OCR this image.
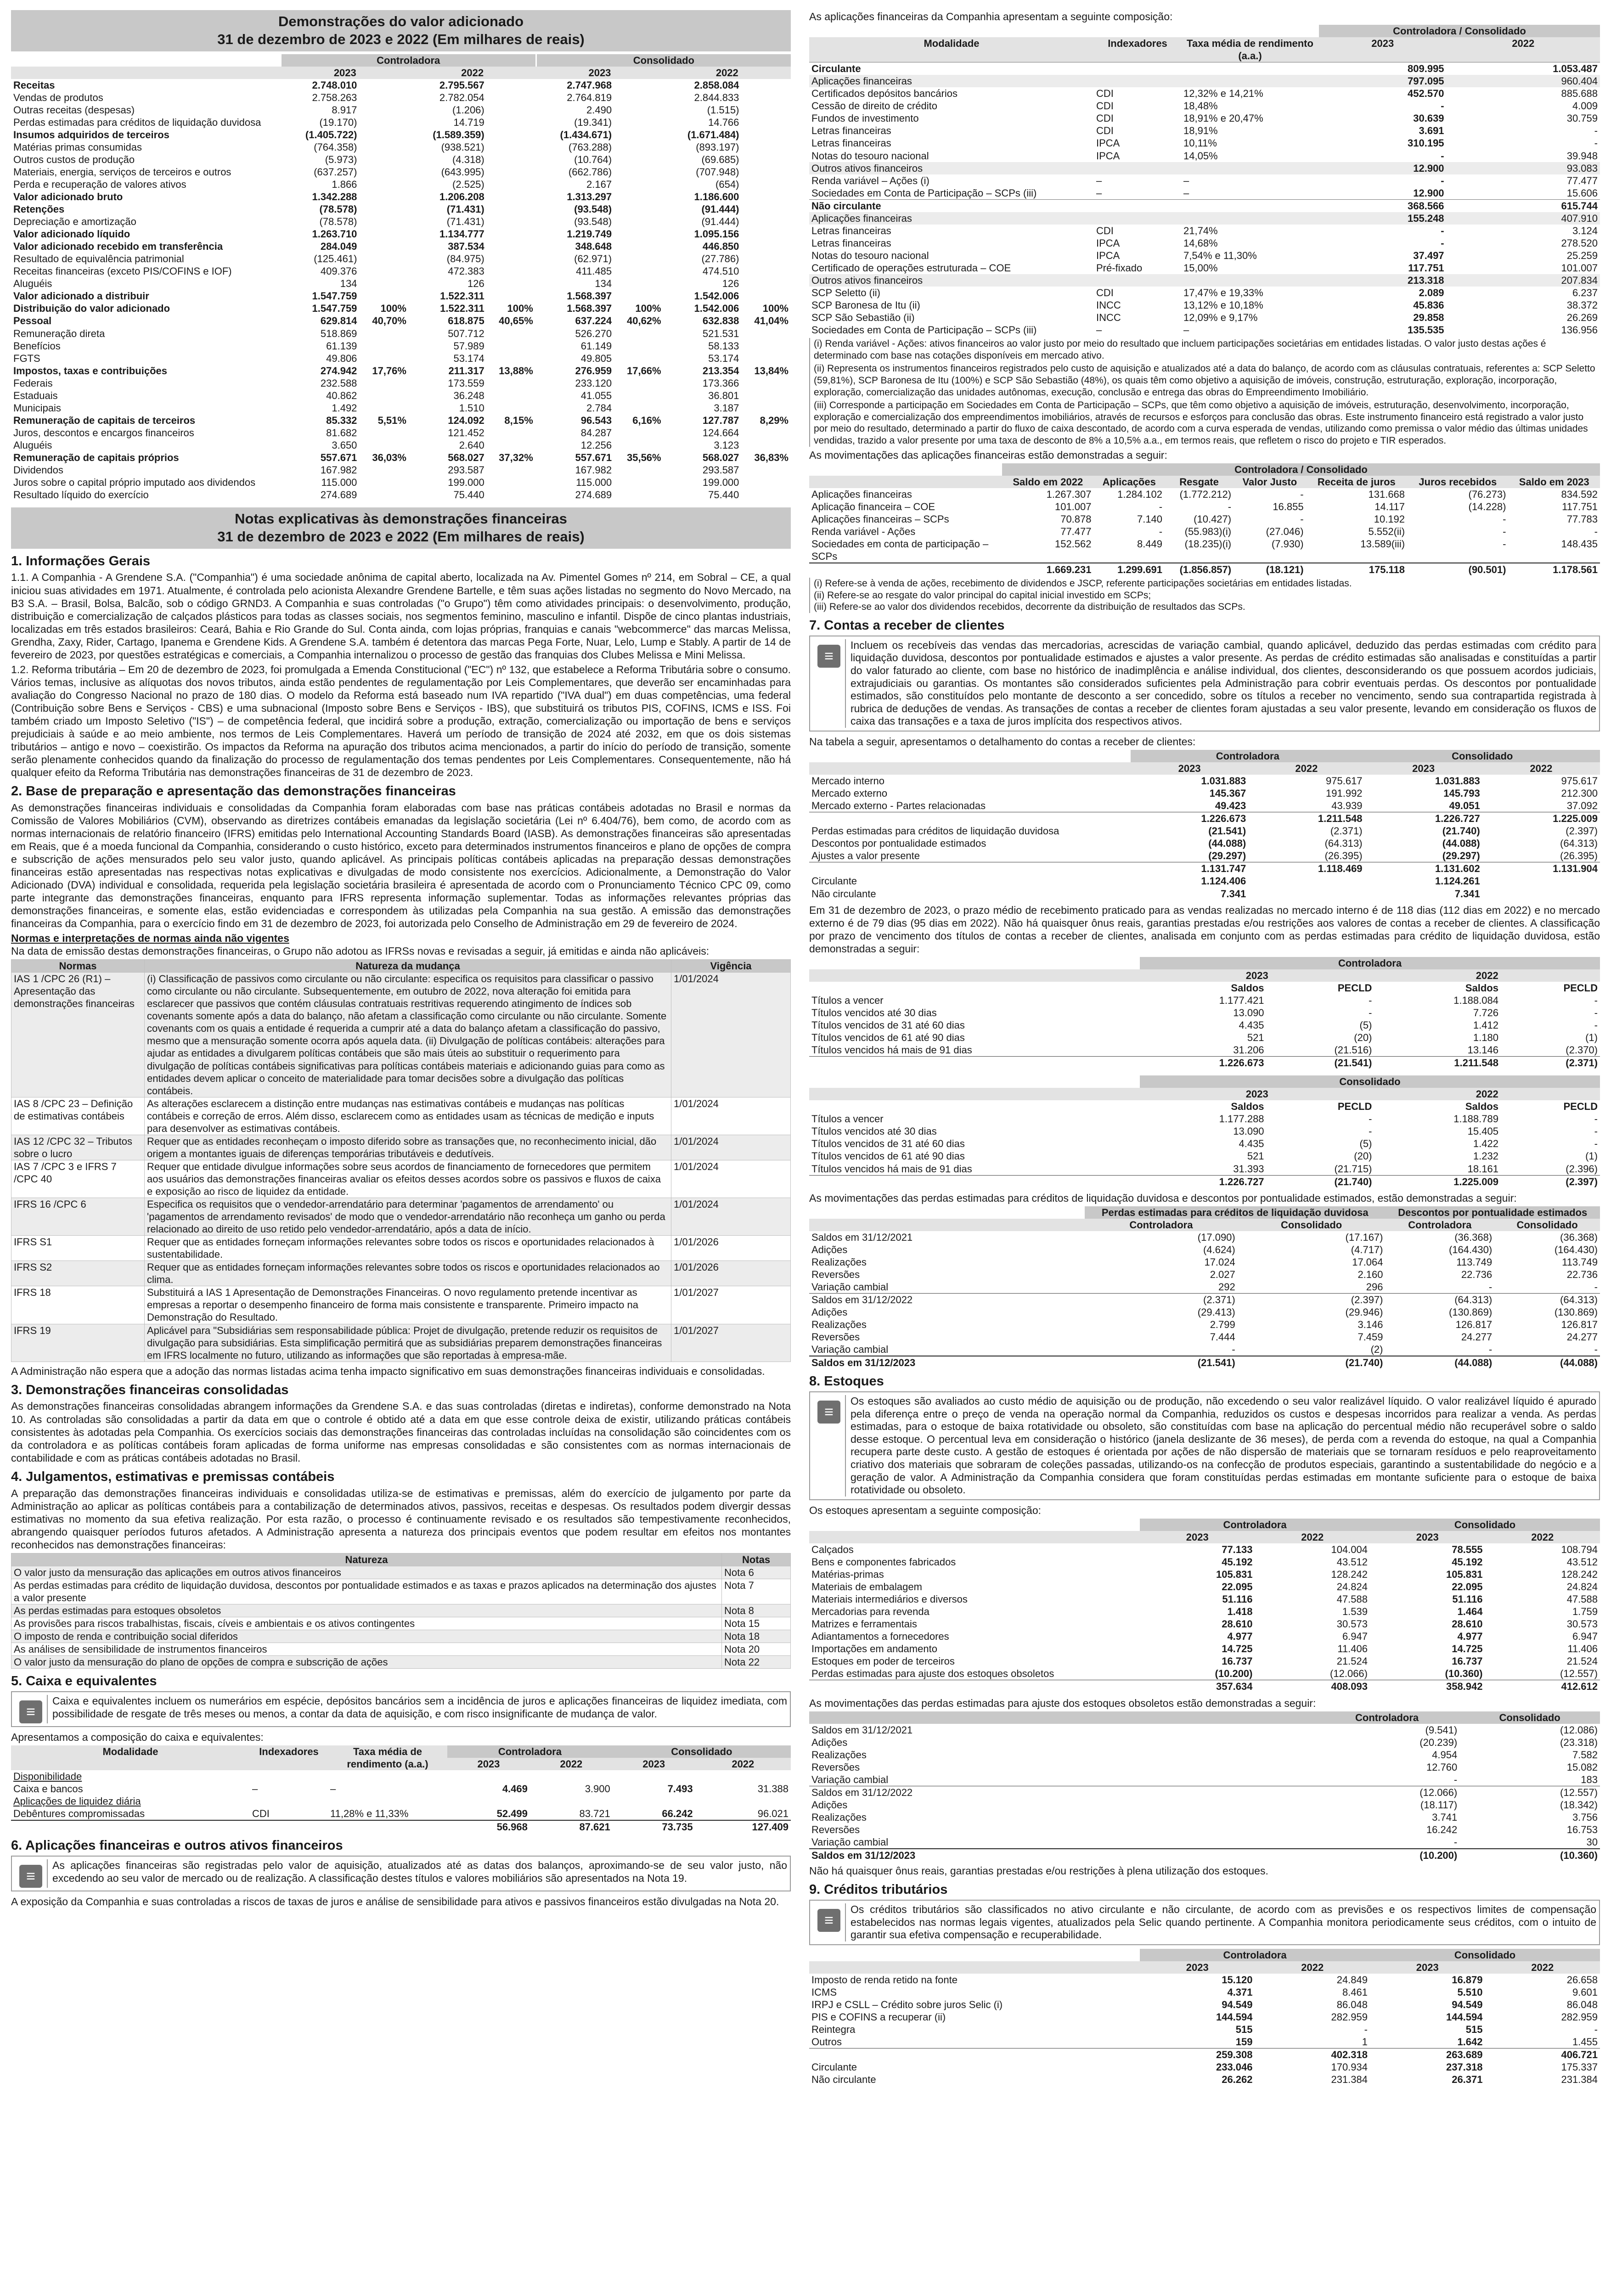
Demonstrações do valor adicionado
31 de dezembro de 2023 e 2022 (Em milhares de reais)
	Controladora				Consolidado			
	2023		2022		2023		2022	
Receitas	2.748.010		2.795.567		2.747.968		2.858.084	
Vendas de produtos	2.758.263		2.782.054		2.764.819		2.844.833	
Outras receitas (despesas)	8.917		(1.206)		2.490		(1.515)	
Perdas estimadas para créditos de liquidação duvidosa	(19.170)		14.719		(19.341)		14.766	

Insumos adquiridos de terceiros	(1.405.722)		(1.589.359)		(1.434.671)		(1.671.484)	
Matérias primas consumidas	(764.358)		(938.521)		(763.288)		(893.197)	
Outros custos de produção	(5.973)		(4.318)		(10.764)		(69.685)	
Materiais, energia, serviços de terceiros e outros	(637.257)		(643.995)		(662.786)		(707.948)	
Perda e recuperação de valores ativos	1.866		(2.525)		2.167		(654)	
Valor adicionado bruto	1.342.288		1.206.208		1.313.297		1.186.600	
Retenções	(78.578)		(71.431)		(93.548)		(91.444)	
Depreciação e amortização	(78.578)		(71.431)		(93.548)		(91.444)	
Valor adicionado líquido	1.263.710		1.134.777		1.219.749		1.095.156	
Valor adicionado recebido em transferência	284.049		387.534		348.648		446.850	
Resultado de equivalência patrimonial	(125.461)		(84.975)		(62.971)		(27.786)	
Receitas financeiras (exceto PIS/COFINS e IOF)	409.376		472.383		411.485		474.510	
Aluguéis	134		126		134		126	
Valor adicionado a distribuir	1.547.759		1.522.311		1.568.397		1.542.006	
Distribuição do valor adicionado	1.547.759	100%	1.522.311	100%	1.568.397	100%	1.542.006	100%
Pessoal	629.814	40,70%	618.875	40,65%	637.224	40,62%	632.838	41,04%
Remuneração direta	518.869		507.712		526.270		521.531	
Benefícios	61.139		57.989		61.149		58.133	
FGTS	49.806		53.174		49.805		53.174	
Impostos, taxas e contribuições	274.942	17,76%	211.317	13,88%	276.959	17,66%	213.354	13,84%
Federais	232.588		173.559		233.120		173.366	
Estaduais	40.862		36.248		41.055		36.801	
Municipais	1.492		1.510		2.784		3.187	
Remuneração de capitais de terceiros	85.332	5,51%	124.092	8,15%	96.543	6,16%	127.787	8,29%
Juros, descontos e encargos financeiros	81.682		121.452		84.287		124.664	
Aluguéis	3.650		2.640		12.256		3.123	
Remuneração de capitais próprios	557.671	36,03%	568.027	37,32%	557.671	35,56%	568.027	36,83%
Dividendos	167.982		293.587		167.982		293.587	
Juros sobre o capital próprio imputado aos dividendos	115.000		199.000		115.000		199.000	
Resultado líquido do exercício	274.689		75.440		274.689		75.440	
Notas explicativas às demonstrações financeiras
31 de dezembro de 2023 e 2022 (Em milhares de reais)
1. Informações Gerais

1.1. A Companhia - A Grendene S.A. ("Companhia") é uma sociedade anônima de capital aberto, localizada na Av. Pimentel Gomes nº 214, em Sobral – CE, a qual iniciou suas atividades em 1971. Atualmente, é controlada pelo acionista Alexandre Grendene Bartelle, e têm suas ações listadas no segmento do Novo Mercado, na B3 S.A. – Brasil, Bolsa, Balcão, sob o código GRND3. A Companhia e suas controladas ("o Grupo") têm como atividades principais: o desenvolvimento, produção, distribuição e comercialização de calçados plásticos para todas as classes sociais, nos segmentos feminino, masculino e infantil. Dispõe de cinco plantas industriais, localizadas em três estados brasileiros: Ceará, Bahia e Rio Grande do Sul. Conta ainda, com lojas próprias, franquias e canais "webcommerce" das marcas Melissa, Grendha, Zaxy, Rider, Cartago, Ipanema e Grendene Kids. A Grendene S.A. também é detentora das marcas Pega Forte, Nuar, Lelo, Lump e Stably. A partir de 14 de fevereiro de 2023, por questões estratégicas e comerciais, a Companhia internalizou o processo de gestão das franquias dos Clubes Melissa e Mini Melissa.

1.2. Reforma tributária – Em 20 de dezembro de 2023, foi promulgada a Emenda Constitucional ("EC") nº 132, que estabelece a Reforma Tributária sobre o consumo. Vários temas, inclusive as alíquotas dos novos tributos, ainda estão pendentes de regulamentação por Leis Complementares, que deverão ser encaminhadas para avaliação do Congresso Nacional no prazo de 180 dias. O modelo da Reforma está baseado num IVA repartido ("IVA dual") em duas competências, uma federal (Contribuição sobre Bens e Serviços - CBS) e uma subnacional (Imposto sobre Bens e Serviços - IBS), que substituirá os tributos PIS, COFINS, ICMS e ISS. Foi também criado um Imposto Seletivo ("IS") – de competência federal, que incidirá sobre a produção, extração, comercialização ou importação de bens e serviços prejudiciais à saúde e ao meio ambiente, nos termos de Leis Complementares. Haverá um período de transição de 2024 até 2032, em que os dois sistemas tributários – antigo e novo – coexistirão. Os impactos da Reforma na apuração dos tributos acima mencionados, a partir do início do período de transição, somente serão plenamente conhecidos quando da finalização do processo de regulamentação dos temas pendentes por Leis Complementares. Consequentemente, não há qualquer efeito da Reforma Tributária nas demonstrações financeiras de 31 de dezembro de 2023.

2. Base de preparação e apresentação das demonstrações financeiras

As demonstrações financeiras individuais e consolidadas da Companhia foram elaboradas com base nas práticas contábeis adotadas no Brasil e normas da Comissão de Valores Mobiliários (CVM), observando as diretrizes contábeis emanadas da legislação societária (Lei nº 6.404/76), bem como, de acordo com as normas internacionais de relatório financeiro (IFRS) emitidas pelo International Accounting Standards Board (IASB). As demonstrações financeiras são apresentadas em Reais, que é a moeda funcional da Companhia, considerando o custo histórico, exceto para determinados instrumentos financeiros e plano de opções de compra e subscrição de ações mensurados pelo seu valor justo, quando aplicável. As principais políticas contábeis aplicadas na preparação dessas demonstrações financeiras estão apresentadas nas respectivas notas explicativas e divulgadas de modo consistente nos exercícios. Adicionalmente, a Demonstração do Valor Adicionado (DVA) individual e consolidada, requerida pela legislação societária brasileira é apresentada de acordo com o Pronunciamento Técnico CPC 09, como parte integrante das demonstrações financeiras, enquanto para IFRS representa informação suplementar. Todas as informações relevantes próprias das demonstrações financeiras, e somente elas, estão evidenciadas e correspondem às utilizadas pela Companhia na sua gestão. A emissão das demonstrações financeiras da Companhia, para o exercício findo em 31 de dezembro de 2023, foi autorizada pelo Conselho de Administração em 29 de fevereiro de 2024.

Normas e interpretações de normas ainda não vigentes

Na data de emissão destas demonstrações financeiras, o Grupo não adotou as IFRSs novas e revisadas a seguir, já emitidas e ainda não aplicáveis:

Normas	Natureza da mudança	Vigência
IAS 1 /CPC 26 (R1) – Apresentação das demonstrações financeiras	(i) Classificação de passivos como circulante ou não circulante: especifica os requisitos para classificar o passivo como circulante ou não circulante. Subsequentemente, em outubro de 2022, nova alteração foi emitida para esclarecer que passivos que contém cláusulas contratuais restritivas requerendo atingimento de índices sob covenants somente após a data do balanço, não afetam a classificação como circulante ou não circulante. Somente covenants com os quais a entidade é requerida a cumprir até a data do balanço afetam a classificação do passivo, mesmo que a mensuração somente ocorra após aquela data. (ii) Divulgação de políticas contábeis: alterações para ajudar as entidades a divulgarem políticas contábeis que são mais úteis ao substituir o requerimento para divulgação de políticas contábeis significativas para políticas contábeis materiais e adicionando guias para como as entidades devem aplicar o conceito de materialidade para tomar decisões sobre a divulgação das políticas contábeis.	1/01/2024
IAS 8 /CPC 23 – Definição de estimativas contábeis	As alterações esclarecem a distinção entre mudanças nas estimativas contábeis e mudanças nas políticas contábeis e correção de erros. Além disso, esclarecem como as entidades usam as técnicas de medição e inputs para desenvolver as estimativas contábeis.	1/01/2024
IAS 12 /CPC 32 – Tributos sobre o lucro	Requer que as entidades reconheçam o imposto diferido sobre as transações que, no reconhecimento inicial, dão origem a montantes iguais de diferenças temporárias tributáveis e dedutíveis.	1/01/2024
IAS 7 /CPC 3 e IFRS 7 /CPC 40	Requer que entidade divulgue informações sobre seus acordos de financiamento de fornecedores que permitem aos usuários das demonstrações financeiras avaliar os efeitos desses acordos sobre os passivos e fluxos de caixa e exposição ao risco de liquidez da entidade.	1/01/2024
IFRS 16 /CPC 6	Especifica os requisitos que o vendedor-arrendatário para determinar 'pagamentos de arrendamento' ou 'pagamentos de arrendamento revisados' de modo que o vendedor-arrendatário não reconheça um ganho ou perda relacionado ao direito de uso retido pelo vendedor-arrendatário, após a data de início.	1/01/2024
IFRS S1	Requer que as entidades forneçam informações relevantes sobre todos os riscos e oportunidades relacionados à sustentabilidade.	1/01/2026
IFRS S2	Requer que as entidades forneçam informações relevantes sobre todos os riscos e oportunidades relacionados ao clima.	1/01/2026
IFRS 18	Substituirá a IAS 1 Apresentação de Demonstrações Financeiras. O novo regulamento pretende incentivar as empresas a reportar o desempenho financeiro de forma mais consistente e transparente. Primeiro impacto na Demonstração do Resultado.	1/01/2027
IFRS 19	Aplicável para "Subsidiárias sem responsabilidade pública: Projet de divulgação, pretende reduzir os requisitos de divulgação para subsidiárias. Esta simplificação permitirá que as subsidiárias preparem demonstrações financeiras em IFRS localmente no futuro, utilizando as informações que são reportadas à empresa-mãe.	1/01/2027

A Administração não espera que a adoção das normas listadas acima tenha impacto significativo em suas demonstrações financeiras individuais e consolidadas.

3. Demonstrações financeiras consolidadas

As demonstrações financeiras consolidadas abrangem informações da Grendene S.A. e das suas controladas (diretas e indiretas), conforme demonstrado na Nota 10. As controladas são consolidadas a partir da data em que o controle é obtido até a data em que esse controle deixa de existir, utilizando práticas contábeis consistentes às adotadas pela Companhia. Os exercícios sociais das demonstrações financeiras das controladas incluídas na consolidação são coincidentes com os da controladora e as políticas contábeis foram aplicadas de forma uniforme nas empresas consolidadas e são consistentes com as normas internacionais de contabilidade e com as práticas contábeis adotadas no Brasil.

4. Julgamentos, estimativas e premissas contábeis

A preparação das demonstrações financeiras individuais e consolidadas utiliza-se de estimativas e premissas, além do exercício de julgamento por parte da Administração ao aplicar as políticas contábeis para a contabilização de determinados ativos, passivos, receitas e despesas. Os resultados podem divergir dessas estimativas no momento da sua efetiva realização. Por esta razão, o processo é continuamente revisado e os resultados são tempestivamente reconhecidos, abrangendo quaisquer períodos futuros afetados. A Administração apresenta a natureza dos principais eventos que podem resultar em efeitos nos montantes reconhecidos nas demonstrações financeiras:

Natureza	Notas
O valor justo da mensuração das aplicações em outros ativos financeiros	Nota 6
As perdas estimadas para crédito de liquidação duvidosa, descontos por pontualidade estimados e as taxas e prazos aplicados na determinação dos ajustes a valor presente	Nota 7
As perdas estimadas para estoques obsoletos	Nota 8
As provisões para riscos trabalhistas, fiscais, cíveis e ambientais e os ativos contingentes	Nota 15
O imposto de renda e contribuição social diferidos	Nota 18
As análises de sensibilidade de instrumentos financeiros	Nota 20
O valor justo da mensuração do plano de opções de compra e subscrição de ações	Nota 22
5. Caixa e equivalentes
≡
Caixa e equivalentes incluem os numerários em espécie, depósitos bancários sem a incidência de juros e aplicações financeiras de liquidez imediata, com possibilidade de resgate de três meses ou menos, a contar da data de aquisição, e com risco insignificante de mudança de valor.

Apresentamos a composição do caixa e equivalentes:

Modalidade	Indexadores	Taxa média de rendimento (a.a.)	Controladora		Consolidado	
			2023	2022	2023	2022
Disponibilidade						
Caixa e bancos	–	–	4.469	3.900	7.493	31.388
Aplicações de liquidez diária						
Debêntures compromissadas	CDI	11,28% e 11,33%	52.499	83.721	66.242	96.021
			56.968	87.621	73.735	127.409
6. Aplicações financeiras e outros ativos financeiros
≡
As aplicações financeiras são registradas pelo valor de aquisição, atualizados até as datas dos balanços, aproximando-se de seu valor justo, não excedendo ao seu valor de mercado ou de realização. A classificação destes títulos e valores mobiliários são apresentados na Nota 19.

A exposição da Companhia e suas controladas a riscos de taxas de juros e análise de sensibilidade para ativos e passivos financeiros estão divulgadas na Nota 20.

As aplicações financeiras da Companhia apresentam a seguinte composição:

			Controladora / Consolidado	
Modalidade	Indexadores	Taxa média de rendimento (a.a.)	2023	2022
Circulante			809.995	1.053.487
Aplicações financeiras			797.095	960.404
Certificados depósitos bancários	CDI	12,32% e 14,21%	452.570	885.688
Cessão de direito de crédito	CDI	18,48%	-	4.009
Fundos de investimento	CDI	18,91% e 20,47%	30.639	30.759
Letras financeiras	CDI	18,91%	3.691	-
Letras financeiras	IPCA	10,11%	310.195	-
Notas do tesouro nacional	IPCA	14,05%	-	39.948

Outros ativos financeiros			12.900	93.083
Renda variável – Ações (i)	–	–	-	77.477
Sociedades em Conta de Participação – SCPs (iii)	–	–	12.900	15.606

Não circulante			368.566	615.744
Aplicações financeiras			155.248	407.910
Letras financeiras	CDI	21,74%	-	3.124
Letras financeiras	IPCA	14,68%	-	278.520
Notas do tesouro nacional	IPCA	7,54% e 11,30%	37.497	25.259
Certificado de operações estruturada – COE	Pré-fixado	15,00%	117.751	101.007

Outros ativos financeiros			213.318	207.834
SCP Seletto (ii)	CDI	17,47% e 19,33%	2.089	6.237
SCP Baronesa de Itu (ii)	INCC	13,12% e 10,18%	45.836	38.372
SCP São Sebastião (ii)	INCC	12,09% e 9,17%	29.858	26.269
Sociedades em Conta de Participação – SCPs (iii)	–	–	135.535	136.956
(i) Renda variável - Ações: ativos financeiros ao valor justo por meio do resultado que incluem participações societárias em entidades listadas. O valor justo destas ações é determinado com base nas cotações disponíveis em mercado ativo.
(ii) Representa os instrumentos financeiros registrados pelo custo de aquisição e atualizados até a data do balanço, de acordo com as cláusulas contratuais, referentes a: SCP Seletto (59,81%), SCP Baronesa de Itu (100%) e SCP São Sebastião (48%), os quais têm como objetivo a aquisição de imóveis, construção, estruturação, exploração, incorporação, exploração, comercialização das unidades autônomas, execução, conclusão e entrega das obras do Empreendimento Imobiliário.
(iii) Corresponde a participação em Sociedades em Conta de Participação – SCPs, que têm como objetivo a aquisição de imóveis, estruturação, desenvolvimento, incorporação, exploração e comercialização dos empreendimentos imobiliários, através de recursos e esforços para conclusão das obras. Este instrumento financeiro está registrado a valor justo por meio do resultado, determinado a partir do fluxo de caixa descontado, de acordo com a curva esperada de vendas, utilizando como premissa o valor médio das últimas unidades vendidas, trazido a valor presente por uma taxa de desconto de 8% a 10,5% a.a., em termos reais, que refletem o risco do projeto e TIR esperados.

As movimentações das aplicações financeiras estão demonstradas a seguir:

	Controladora / Consolidado						
	Saldo em 2022	Aplicações	Resgate	Valor Justo	Receita de juros	Juros recebidos	Saldo em 2023
Aplicações financeiras	1.267.307	1.284.102	(1.772.212)	-	131.668	(76.273)	834.592
Aplicação financeira – COE	101.007	-	-	16.855	14.117	(14.228)	117.751
Aplicações financeiras – SCPs	70.878	7.140	(10.427)	-	10.192	-	77.783
Renda variável - Ações	77.477	-	(55.983)(i)	(27.046)	5.552(ii)	-	-
Sociedades em conta de participação – SCPs	152.562	8.449	(18.235)(i)	(7.930)	13.589(iii)	-	148.435
	1.669.231	1.299.691	(1.856.857)	(18.121)	175.118	(90.501)	1.178.561
(i) Refere-se à venda de ações, recebimento de dividendos e JSCP, referente participações societárias em entidades listadas.
(ii) Refere-se ao resgate do valor principal do capital inicial investido em SCPs;
(iii) Refere-se ao valor dos dividendos recebidos, decorrente da distribuição de resultados das SCPs.
7. Contas a receber de clientes
≡
Incluem os recebíveis das vendas das mercadorias, acrescidas de variação cambial, quando aplicável, deduzido das perdas estimadas com crédito para liquidação duvidosa, descontos por pontualidade estimados e ajustes a valor presente. As perdas de crédito estimadas são analisadas e constituídas a partir do valor faturado ao cliente, com base no histórico de inadimplência e análise individual, dos clientes, desconsiderando os que possuem acordos judiciais, extrajudiciais ou garantias. Os montantes são considerados suficientes pela Administração para cobrir eventuais perdas. Os descontos por pontualidade estimados, são constituídos pelo montante de desconto a ser concedido, sobre os títulos a receber no vencimento, sendo sua contrapartida registrada à rubrica de deduções de vendas. As transações de contas a receber de clientes foram ajustadas a seu valor presente, levando em consideração os fluxos de caixa das transações e a taxa de juros implícita dos respectivos ativos.

Na tabela a seguir, apresentamos o detalhamento do contas a receber de clientes:

	Controladora		Consolidado	
	2023	2022	2023	2022
Mercado interno	1.031.883	975.617	1.031.883	975.617
Mercado externo	145.367	191.992	145.793	212.300
Mercado externo - Partes relacionadas	49.423	43.939	49.051	37.092
	1.226.673	1.211.548	1.226.727	1.225.009
Perdas estimadas para créditos de liquidação duvidosa	(21.541)	(2.371)	(21.740)	(2.397)
Descontos por pontualidade estimados	(44.088)	(64.313)	(44.088)	(64.313)
Ajustes a valor presente	(29.297)	(26.395)	(29.297)	(26.395)
	1.131.747	1.118.469	1.131.602	1.131.904
Circulante	1.124.406		1.124.261	
Não circulante	7.341		7.341	

Em 31 de dezembro de 2023, o prazo médio de recebimento praticado para as vendas realizadas no mercado interno é de 118 dias (112 dias em 2022) e no mercado externo é de 79 dias (95 dias em 2022). Não há quaisquer ônus reais, garantias prestadas e/ou restrições aos valores de contas a receber de clientes. A classificação por prazo de vencimento dos títulos de contas a receber de clientes, analisada em conjunto com as perdas estimadas para crédito de liquidação duvidosa, estão demonstradas a seguir:

	Controladora			
	2023		2022	
	Saldos	PECLD	Saldos	PECLD
Títulos a vencer	1.177.421	-	1.188.084	-
Títulos vencidos até 30 dias	13.090	-	7.726	-
Títulos vencidos de 31 até 60 dias	4.435	(5)	1.412	-
Títulos vencidos de 61 até 90 dias	521	(20)	1.180	(1)
Títulos vencidos há mais de 91 dias	31.206	(21.516)	13.146	(2.370)
	1.226.673	(21.541)	1.211.548	(2.371)
	Consolidado			
	2023		2022	
	Saldos	PECLD	Saldos	PECLD
Títulos a vencer	1.177.288	-	1.188.789	-
Títulos vencidos até 30 dias	13.090	-	15.405	-
Títulos vencidos de 31 até 60 dias	4.435	(5)	1.422	-
Títulos vencidos de 61 até 90 dias	521	(20)	1.232	(1)
Títulos vencidos há mais de 91 dias	31.393	(21.715)	18.161	(2.396)
	1.226.727	(21.740)	1.225.009	(2.397)

As movimentações das perdas estimadas para créditos de liquidação duvidosa e descontos por pontualidade estimados, estão demonstradas a seguir:

	Perdas estimadas para créditos de liquidação duvidosa		Descontos por pontualidade estimados	
	Controladora	Consolidado	Controladora	Consolidado
Saldos em 31/12/2021	(17.090)	(17.167)	(36.368)	(36.368)
Adições	(4.624)	(4.717)	(164.430)	(164.430)
Realizações	17.024	17.064	113.749	113.749
Reversões	2.027	2.160	22.736	22.736
Variação cambial	292	296	-	-
Saldos em 31/12/2022	(2.371)	(2.397)	(64.313)	(64.313)

Adições	(29.413)	(29.946)	(130.869)	(130.869)
Realizações	2.799	3.146	126.817	126.817
Reversões	7.444	7.459	24.277	24.277
Variação cambial	-	(2)	-	-
Saldos em 31/12/2023	(21.541)	(21.740)	(44.088)	(44.088)
8. Estoques
≡
Os estoques são avaliados ao custo médio de aquisição ou de produção, não excedendo o seu valor realizável líquido. O valor realizável líquido é apurado pela diferença entre o preço de venda na operação normal da Companhia, reduzidos os custos e despesas incorridos para realizar a venda. As perdas estimadas, para o estoque de baixa rotatividade ou obsoleto, são constituídas com base na aplicação do percentual médio não recuperável sobre o saldo desse estoque. O percentual leva em consideração o histórico (janela deslizante de 36 meses), de perda com a revenda do estoque, na qual a Companhia recupera parte deste custo. A gestão de estoques é orientada por ações de não dispersão de materiais que se tornaram resíduos e pelo reaproveitamento criativo dos materiais que sobraram de coleções passadas, utilizando-os na confecção de produtos especiais, garantindo a sustentabilidade do negócio e a geração de valor. A Administração da Companhia considera que foram constituídas perdas estimadas em montante suficiente para o estoque de baixa rotatividade ou obsoleto.

Os estoques apresentam a seguinte composição:

	Controladora		Consolidado	
	2023	2022	2023	2022
Calçados	77.133	104.004	78.555	108.794
Bens e componentes fabricados	45.192	43.512	45.192	43.512
Matérias-primas	105.831	128.242	105.831	128.242
Materiais de embalagem	22.095	24.824	22.095	24.824
Materiais intermediários e diversos	51.116	47.588	51.116	47.588
Mercadorias para revenda	1.418	1.539	1.464	1.759
Matrizes e ferramentais	28.610	30.573	28.610	30.573
Adiantamentos a fornecedores	4.977	6.947	4.977	6.947
Importações em andamento	14.725	11.406	14.725	11.406
Estoques em poder de terceiros	16.737	21.524	16.737	21.524
Perdas estimadas para ajuste dos estoques obsoletos	(10.200)	(12.066)	(10.360)	(12.557)
	357.634	408.093	358.942	412.612

As movimentações das perdas estimadas para ajuste dos estoques obsoletos estão demonstradas a seguir:

	Controladora	Consolidado
Saldos em 31/12/2021	(9.541)	(12.086)
Adições	(20.239)	(23.318)
Realizações	4.954	7.582
Reversões	12.760	15.082
Variação cambial	-	183
Saldos em 31/12/2022	(12.066)	(12.557)

Adições	(18.117)	(18.342)
Realizações	3.741	3.756
Reversões	16.242	16.753
Variação cambial	-	30
Saldos em 31/12/2023	(10.200)	(10.360)

Não há quaisquer ônus reais, garantias prestadas e/ou restrições à plena utilização dos estoques.

9. Créditos tributários
≡
Os créditos tributários são classificados no ativo circulante e não circulante, de acordo com as previsões e os respectivos limites de compensação estabelecidos nas normas legais vigentes, atualizados pela Selic quando pertinente. A Companhia monitora periodicamente seus créditos, com o intuito de garantir sua efetiva compensação e recuperabilidade.
	Controladora		Consolidado	
	2023	2022	2023	2022
Imposto de renda retido na fonte	15.120	24.849	16.879	26.658
ICMS	4.371	8.461	5.510	9.601
IRPJ e CSLL – Crédito sobre juros Selic (i)	94.549	86.048	94.549	86.048
PIS e COFINS a recuperar (ii)	144.594	282.959	144.594	282.959
Reintegra	515	-	515	-
Outros	159	1	1.642	1.455
	259.308	402.318	263.689	406.721
Circulante	233.046	170.934	237.318	175.337
Não circulante	26.262	231.384	26.371	231.384
